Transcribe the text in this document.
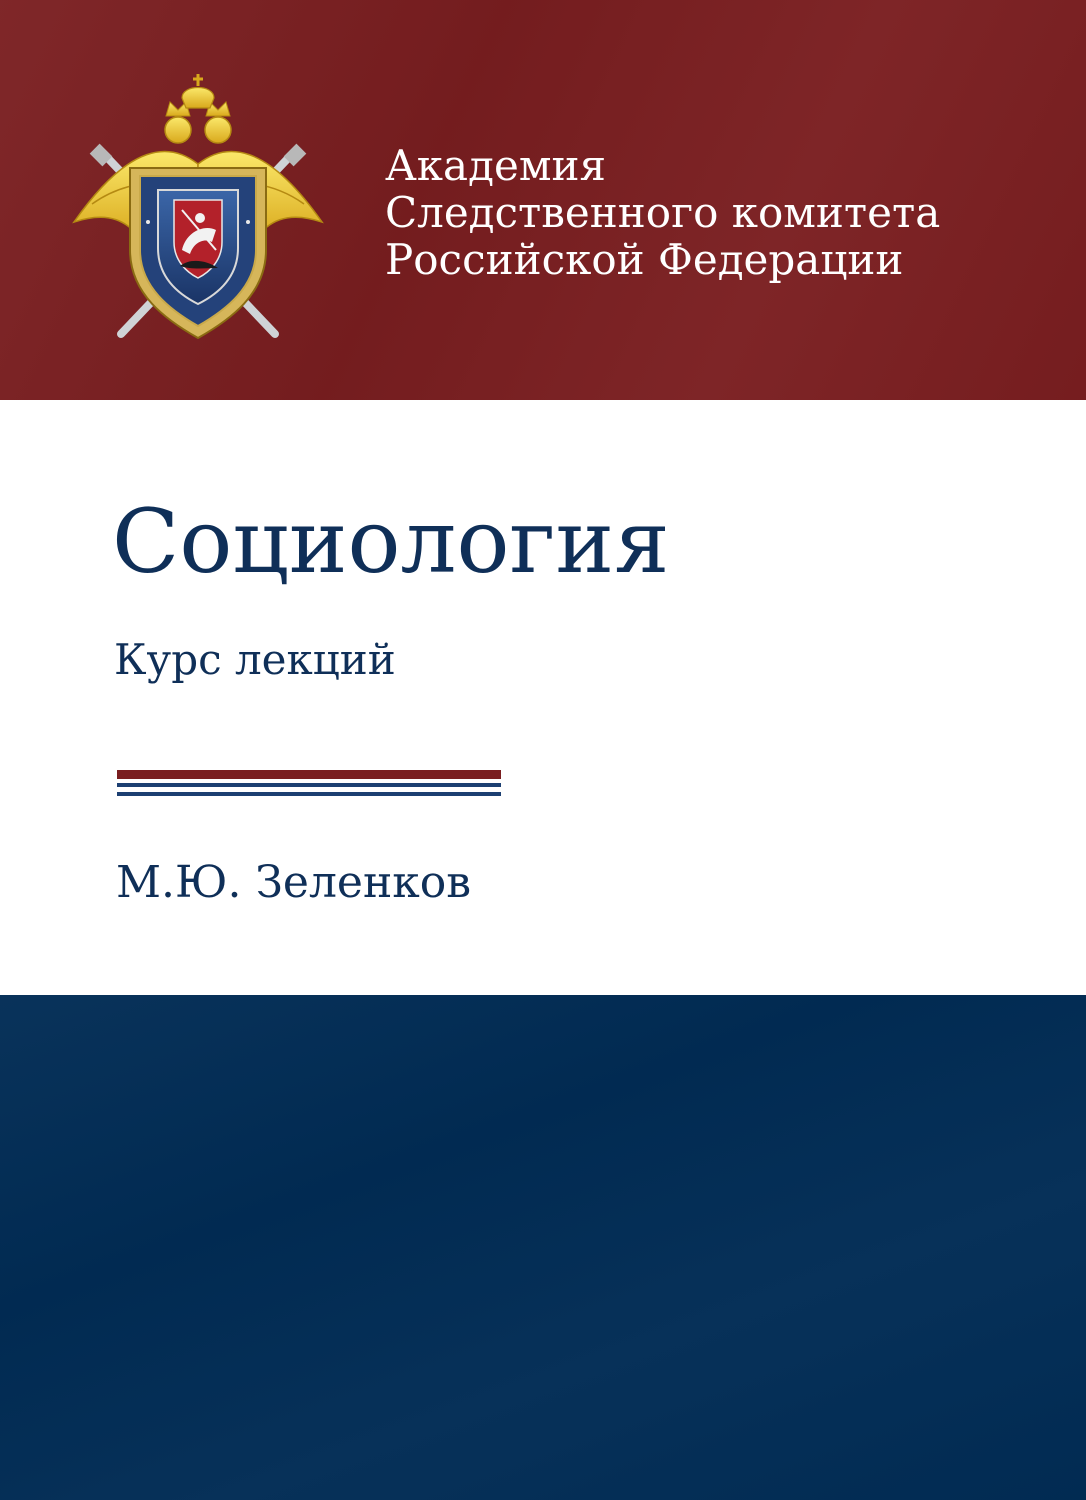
Академия
Следственного комитета
Российской Федерации
Социология
Курс лекций
М.Ю. Зеленков
